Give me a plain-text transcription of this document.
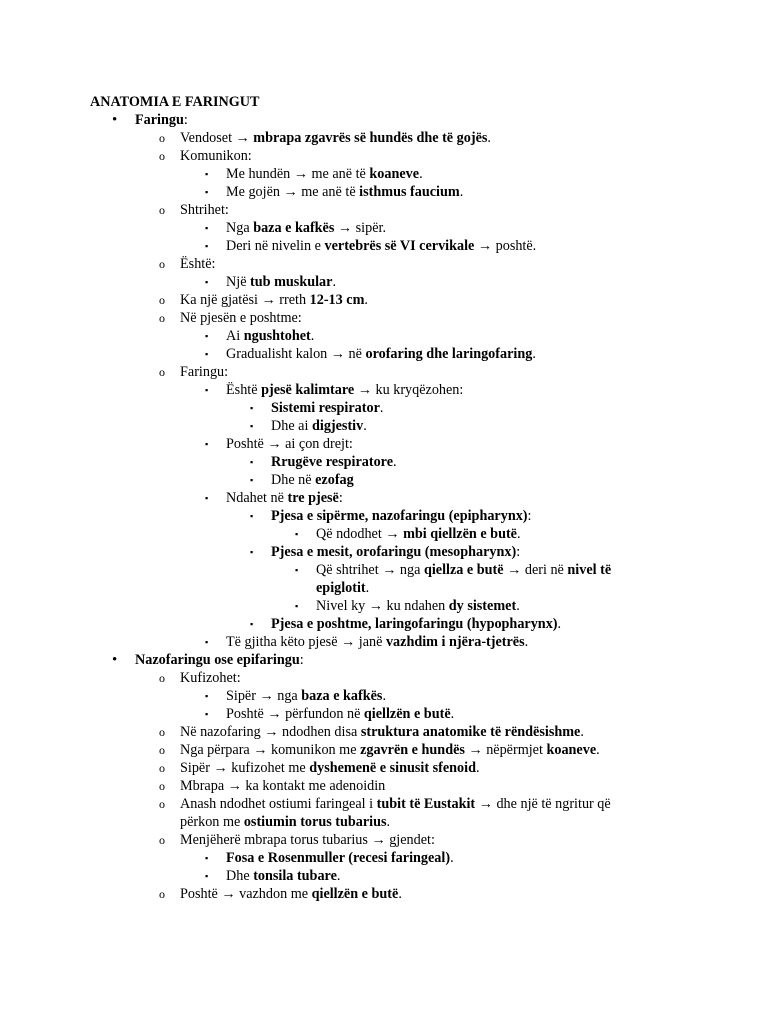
ANATOMIA E FARINGUT
• Faringu:
o Vendoset → mbrapa zgavrës së hundës dhe të gojës.
o Komunikon:
▪ Me hundën → me anë të koaneve.
▪ Me gojën → me anë të isthmus faucium.
o Shtrihet:
▪ Nga baza e kafkës → sipër.
▪ Deri në nivelin e vertebrës së VI cervikale → poshtë.
o Është:
▪ Një tub muskular.
o Ka një gjatësi → rreth 12-13 cm.
o Në pjesën e poshtme:
▪ Ai ngushtohet.
▪ Gradualisht kalon → në orofaring dhe laringofaring.
o Faringu:
▪ Është pjesë kalimtare → ku kryqëzohen:
▪ Sistemi respirator.
▪ Dhe ai digjestiv.
▪ Poshtë → ai çon drejt:
▪ Rrugëve respiratore.
▪ Dhe në ezofag
▪ Ndahet në tre pjesë:
▪ Pjesa e sipërme, nazofaringu (epipharynx):
▪ Që ndodhet → mbi qiellzën e butë.
▪ Pjesa e mesit, orofaringu (mesopharynx):
▪ Që shtrihet → nga qiellza e butë → deri në nivel të
epiglotit.
▪ Nivel ky → ku ndahen dy sistemet.
▪ Pjesa e poshtme, laringofaringu (hypopharynx).
▪ Të gjitha këto pjesë → janë vazhdim i njëra-tjetrës.
• Nazofaringu ose epifaringu:
o Kufizohet:
▪ Sipër → nga baza e kafkës.
▪ Poshtë → përfundon në qiellzën e butë.
o Në nazofaring → ndodhen disa struktura anatomike të rëndësishme.
o Nga përpara → komunikon me zgavrën e hundës → nëpërmjet koaneve.
o Sipër → kufizohet me dyshemenë e sinusit sfenoid.
o Mbrapa → ka kontakt me adenoidin
o Anash ndodhet ostiumi faringeal i tubit të Eustakit → dhe një të ngritur që
përkon me ostiumin torus tubarius.
o Menjëherë mbrapa torus tubarius → gjendet:
▪ Fosa e Rosenmuller (recesi faringeal).
▪ Dhe tonsila tubare.
o Poshtë → vazhdon me qiellzën e butë.
